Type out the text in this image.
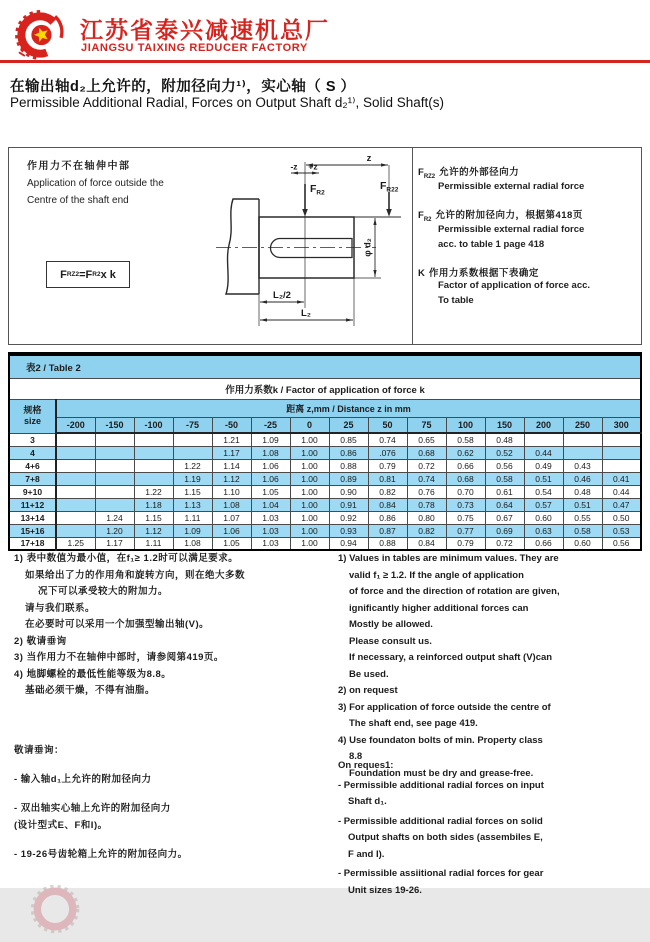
江苏省泰兴减速机总厂
JIANGSU TAIXING REDUCER FACTORY
在输出轴d₂上允许的，附加径向力¹⁾，实心轴（ S ）
Permissible Additional Radial, Forces on Output Shaft d₂¹⁾, Solid Shaft(s)
作用力不在轴伸中部
Application of force outside the
Centre of the shaft end
F RZ2 = F R2 x k
$F_{R2}$
$F_{R22}$
z
-z +z
L₂/2
L₂
φ d₂
$F_{RZ2}$ 允许的外部径向力
Permissible external radial force
$F_{R2}$ 允许的附加径向力，根据第418页
Permissible external radial force
acc. to table 1 page 418
K 作用力系数根据下表确定
Factor of application of force acc.
To table
表2 / Table 2															
作用力系数k / Factor of application of force k															
规格
size	距离 z,mm / Distance z in mm														
	-200	-150	-100	-75	-50	-25	0	25	50	75	100	150	200	250	300
3					1.21	1.09	1.00	0.85	0.74	0.65	0.58	0.48			
4					1.17	1.08	1.00	0.86	.076	0.68	0.62	0.52	0.44		
4+6				1.22	1.14	1.06	1.00	0.88	0.79	0.72	0.66	0.56	0.49	0.43	
7+8				1.19	1.12	1.06	1.00	0.89	0.81	0.74	0.68	0.58	0.51	0.46	0.41
9+10			1.22	1.15	1.10	1.05	1.00	0.90	0.82	0.76	0.70	0.61	0.54	0.48	0.44
11+12			1.18	1.13	1.08	1.04	1.00	0.91	0.84	0.78	0.73	0.64	0.57	0.51	0.47
13+14		1.24	1.15	1.11	1.07	1.03	1.00	0.92	0.86	0.80	0.75	0.67	0.60	0.55	0.50
15+16		1.20	1.12	1.09	1.06	1.03	1.00	0.93	0.87	0.82	0.77	0.69	0.63	0.58	0.53
17+18	1.25	1.17	1.11	1.08	1.05	1.03	1.00	0.94	0.88	0.84	0.79	0.72	0.66	0.60	0.56
1) 表中数值为最小值，在f₁≥ 1.2时可以满足要求。
如果给出了力的作用角和旋转方向，则在绝大多数
况下可以承受较大的附加力。
请与我们联系。
在必要时可以采用一个加强型输出轴(V)。
2) 敬请垂询
3) 当作用力不在轴伸中部时，请参阅第419页。
4) 地脚螺栓的最低性能等级为8.8。
基础必须干燥，不得有油脂。
1) Values in tables are minimum values. They are
valid f₁ ≥ 1.2. If the angle of application
of force and the direction of rotation are given,
ignificantly higher additional forces can
Mostly be allowed.
Please consult us.
If necessary, a reinforced output shaft (V)can
Be used.
2) on request
3) For application of force outside the centre of
The shaft end, see page 419.
4) Use foundaton bolts of min. Property class
8.8
Foundation must be dry and grease-free.
敬请垂询：
- 输入轴d₁上允许的附加径向力
- 双出轴实心轴上允许的附加径向力
(设计型式E、F和I)。
- 19-26号齿轮箱上允许的附加径向力。
On reques1:
- Permissible additional radial forces on input
Shaft d₁.
- Permissible additional radial forces on solid
Output shafts on both sides (assembiles E,
F and I).
- Permissible assiitional radial forces for gear
Unit sizes 19-26.
